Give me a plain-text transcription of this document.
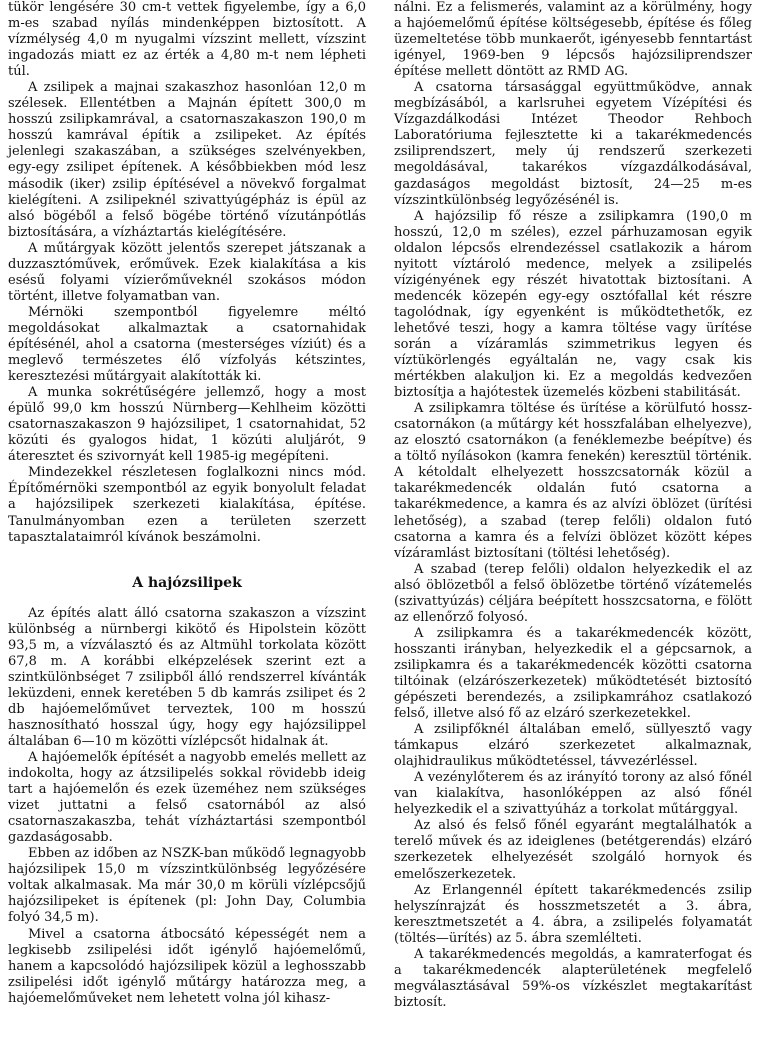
tükör lengésére 30 cm-t vettek figyelembe, így a 6,0 m-es szabad nyílás mindenképpen biztosított. A vízmélység 4,0 m nyugalmi vízszint mellett, vízszint ingadozás miatt ez az érték a 4,80 m-t nem lépheti túl.

A zsilipek a majnai szakaszhoz hasonlóan 12,0 m szélesek. Ellentétben a Majnán épített 300,0 m hosszú zsilipkamrával, a csatornaszakaszon 190,0 m hosszú kamrával építik a zsilipeket. Az építés jelenlegi szakaszában, a szükséges szelvényekben, egy-egy zsilipet építenek. A későbbiekben mód lesz második (iker) zsilip építésével a növekvő forgalmat kielégíteni. A zsilipeknél szivattyúgépház is épül az alsó bögéből a felső bögébe történő vízutánpótlás biztosítására, a vízháztartás kielégítésére.

A műtárgyak között jelentős szerepet játszanak a duzzasztóművek, erőművek. Ezek kialakítása a kis esésű folyami vízierőműveknél szokásos módon történt, illetve folyamatban van.

Mérnöki szempontból figyelemre méltó megoldásokat alkalmaztak a csatornahidak építésénél, ahol a csatorna (mesterséges víziút) és a meglevő természetes élő vízfolyás kétszintes, keresztezési műtárgyait alakították ki.

A munka sokrétűségére jellemző, hogy a most épülő 99,0 km hosszú Nürnberg—Kehlheim közötti csatornaszakaszon 9 hajózsilipet, 1 csatornahidat, 52 közúti és gyalogos hidat, 1 közúti aluljárót, 9 áteresztet és szivornyát kell 1985-ig megépíteni.

Mindezekkel részletesen foglalkozni nincs mód. Építőmérnöki szempontból az egyik bonyolult feladat a hajózsilipek szerkezeti kialakítása, építése. Tanulmányomban ezen a területen szerzett tapasztalataimról kívánok beszámolni.

A hajózsilipek

Az építés alatt álló csatorna szakaszon a vízszint különbség a nürnbergi kikötő és Hipolstein között 93,5 m, a vízválasztó és az Altmühl torkolata között 67,8 m. A korábbi elképzelések szerint ezt a szintkülönbséget 7 zsilipből álló rendszerrel kívánták leküzdeni, ennek keretében 5 db kamrás zsilipet és 2 db hajóemelőművet terveztek, 100 m hosszú hasznosítható hosszal úgy, hogy egy hajózsilippel általában 6—10 m közötti vízlépcsőt hidalnak át.

A hajóemelők építését a nagyobb emelés mellett az indokolta, hogy az átzsilipelés sokkal rövidebb ideig tart a hajóemelőn és ezek üzeméhez nem szükséges vizet juttatni a felső csatornából az alsó csatornaszakaszba, tehát vízháztartási szempontból gazdaságosabb.

Ebben az időben az NSZK-ban működő legnagyobb hajózsilipek 15,0 m vízszintkülönbség legyőzésére voltak alkalmasak. Ma már 30,0 m körüli vízlépcsőjű hajózsilipeket is építenek (pl: John Day, Columbia folyó 34,5 m).

Mivel a csatorna átbocsátó képességét nem a legkisebb zsilipelési időt igénylő hajóemelőmű, hanem a kapcsolódó hajózsilipek közül a leghosszabb zsilipelési időt igénylő műtárgy határozza meg, a hajóemelőműveket nem lehetett volna jól kihasz-

nálni. Ez a felismerés, valamint az a körülmény, hogy a hajóemelőmű építése költségesebb, építése és főleg üzemeltetése több munkaerőt, igényesebb fenntartást igényel, 1969-ben 9 lépcsős hajózsiliprendszer építése mellett döntött az RMD AG.

A csatorna társasággal együttműködve, annak megbízásából, a karlsruhei egyetem Vízépítési és Vízgazdálkodási Intézet Theodor Rehboch Laboratóriuma fejlesztette ki a takarékmedencés zsiliprendszert, mely új rendszerű szerkezeti megoldásával, takarékos vízgazdálkodásával, gazdaságos megoldást biztosít, 24—25 m-es vízszintkülönbség legyőzésénél is.

A hajózsilip fő része a zsilipkamra (190,0 m hosszú, 12,0 m széles), ezzel párhuzamosan egyik oldalon lépcsős elrendezéssel csatlakozik a három nyitott víztároló medence, melyek a zsilipelés vízigényének egy részét hivatottak biztosítani. A medencék közepén egy-egy osztófallal két részre tagolódnak, így egyenként is működtethetők, ez lehetővé teszi, hogy a kamra töltése vagy ürítése során a vízáramlás szimmetrikus legyen és víztükörlengés egyáltalán ne, vagy csak kis mértékben alakuljon ki. Ez a megoldás kedvezően biztosítja a hajótestek üzemelés közbeni stabilitását.

A zsilipkamra töltése és ürítése a körülfutó hossz-csatornákon (a műtárgy két hosszfalában elhelyezve), az elosztó csatornákon (a fenéklemezbe beépítve) és a töltő nyílásokon (kamra fenekén) keresztül történik. A kétoldalt elhelyezett hosszcsatornák közül a takarékmedencék oldalán futó csatorna a takarékmedence, a kamra és az alvízi öblözet (ürítési lehetőség), a szabad (terep felőli) oldalon futó csatorna a kamra és a felvízi öblözet között képes vízáramlást biztosítani (töltési lehetőség).

A szabad (terep felőli) oldalon helyezkedik el az alsó öblözetből a felső öblözetbe történő vízátemelés (szivattyúzás) céljára beépített hosszcsatorna, e fölött az ellenőrző folyosó.

A zsilipkamra és a takarékmedencék között, hosszanti irányban, helyezkedik el a gépcsarnok, a zsilipkamra és a takarékmedencék közötti csatorna tiltóinak (elzárószerkezetek) működtetését biztosító gépészeti berendezés, a zsilipkamrához csatlakozó felső, illetve alsó fő az elzáró szerkezetekkel.

A zsilipfőknél általában emelő, süllyesztő vagy támkapus elzáró szerkezetet alkalmaznak, olajhidraulikus működtetéssel, távvezérléssel.

A vezénylőterem és az irányító torony az alsó főnél van kialakítva, hasonlóképpen az alsó főnél helyezkedik el a szivattyúház a torkolat műtárggyal.

Az alsó és felső főnél egyaránt megtalálhatók a terelő művek és az ideiglenes (betétgerendás) elzáró szerkezetek elhelyezését szolgáló hornyok és emelőszerkezetek.

Az Erlangennél épített takarékmedencés zsilip helyszínrajzát és hosszmetszetét a 3. ábra, keresztmetszetét a 4. ábra, a zsilipelés folyamatát (töltés—ürítés) az 5. ábra szemlélteti.

A takarékmedencés megoldás, a kamraterfogat és a takarékmedencék alapterületének megfelelő megválasztásával 59%-os vízkészlet megtakarítást biztosít.
